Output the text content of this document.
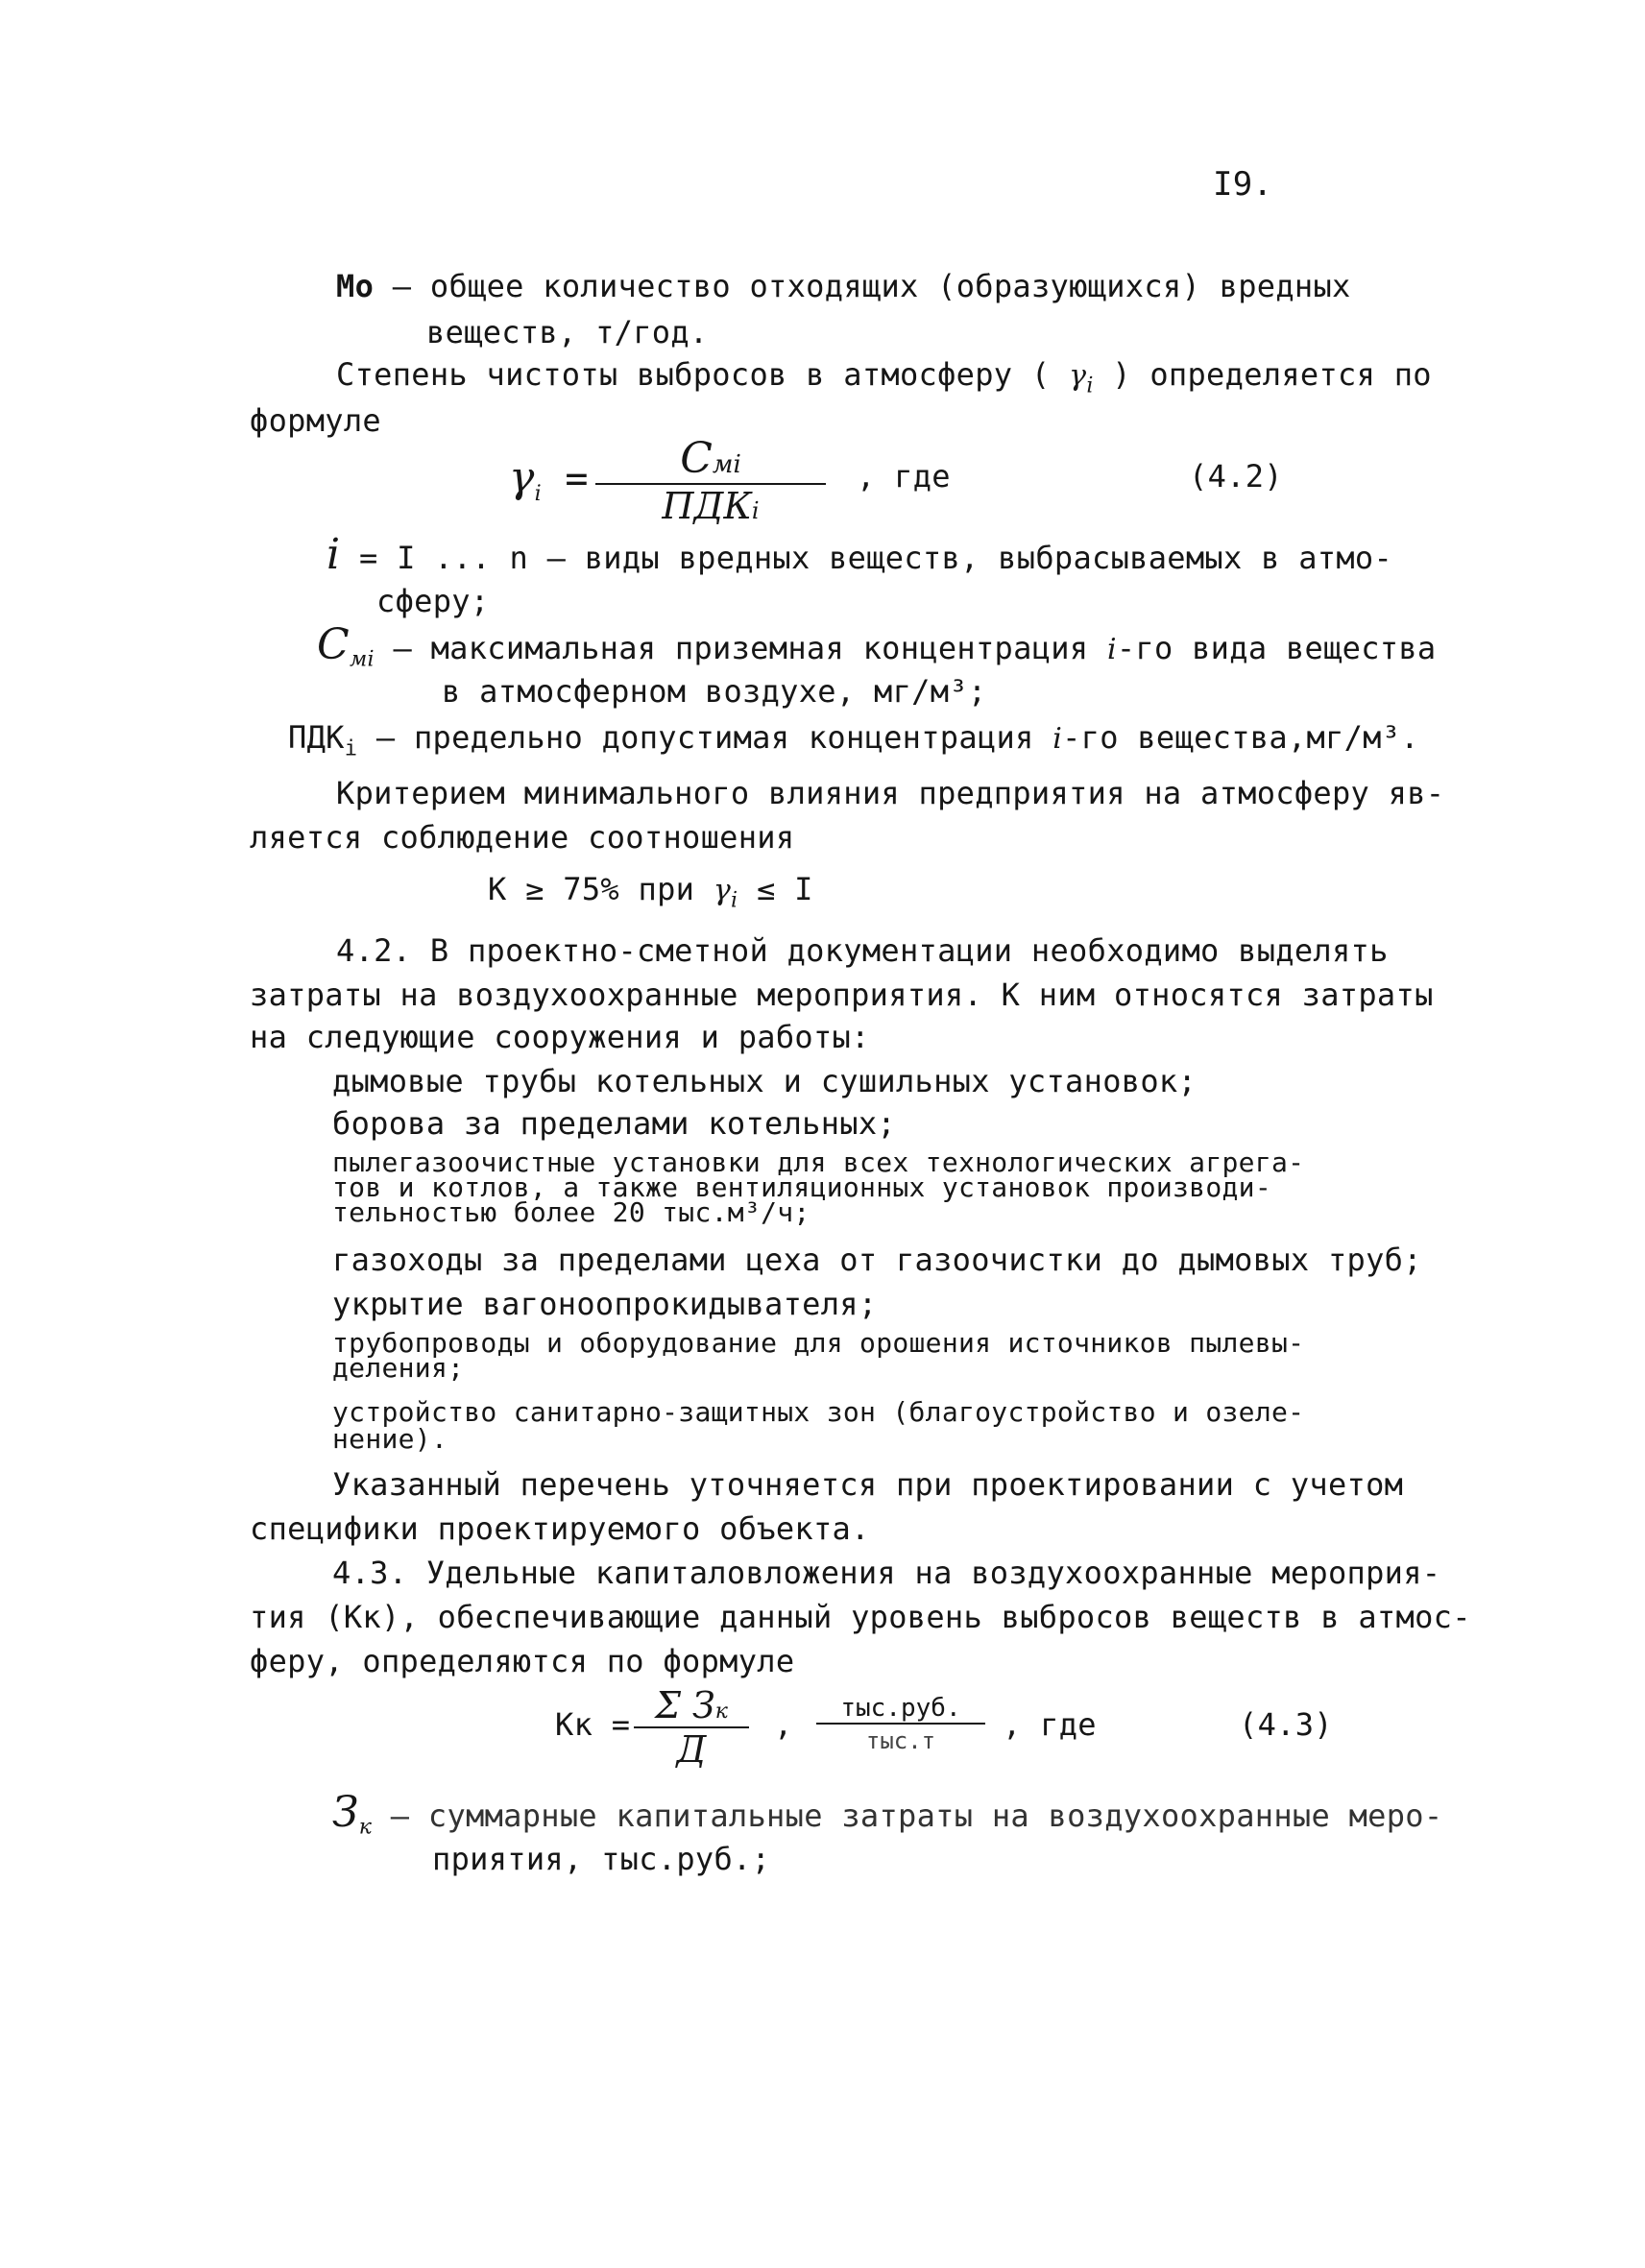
I9.
Мо – общее количество отходящих (образующихся) вредных
веществ, т/год.
Степень чистоты выбросов в атмосферу ( $\gamma_i$ ) определяется по
формуле
$\gamma_i$ =	Cмi
ПДКi
, где	(4.2)
i = I ... n – виды вредных веществ, выбрасываемых в атмо-
сферу;
$C_{мi}$ – максимальная приземная концентрация i-го вида вещества
в атмосферном воздухе, мг/м³;
$ПДК_i$ – предельно допустимая концентрация i-го вещества,мг/м³.
Критерием минимального влияния предприятия на атмосферу яв-
ляется соблюдение соотношения
К ≥ 75% при $\gamma_i \le I$
4.2. В проектно-сметной документации необходимо выделять
затраты на воздухоохранные мероприятия. К ним относятся затраты
на следующие сооружения и работы:
дымовые трубы котельных и сушильных установок;
борова за пределами котельных;
пылегазоочистные установки для всех технологических агрега-
тов и котлов, а также вентиляционных установок производи-
тельностью более 20 тыс.м³/ч;
газоходы за пределами цеха от газоочистки до дымовых труб;
укрытие вагоноопрокидывателя;
трубопроводы и оборудование для орошения источников пылевы-
деления;
устройство санитарно-защитных зон (благоустройство и озеле-
нение).
Указанный перечень уточняется при проектировании с учетом
специфики проектируемого объекта.
4.3. Удельные капиталовложения на воздухоохранные мероприя-
тия (Кк), обеспечивающие данный уровень выбросов веществ в атмос-
феру, определяются по формуле
Кк = Σ Зк
Д
,	тыс.руб.
тыс.т	, где	(4.3)
$З_к$ – суммарные капитальные затраты на воздухоохранные меро-
приятия, тыс.руб.;
